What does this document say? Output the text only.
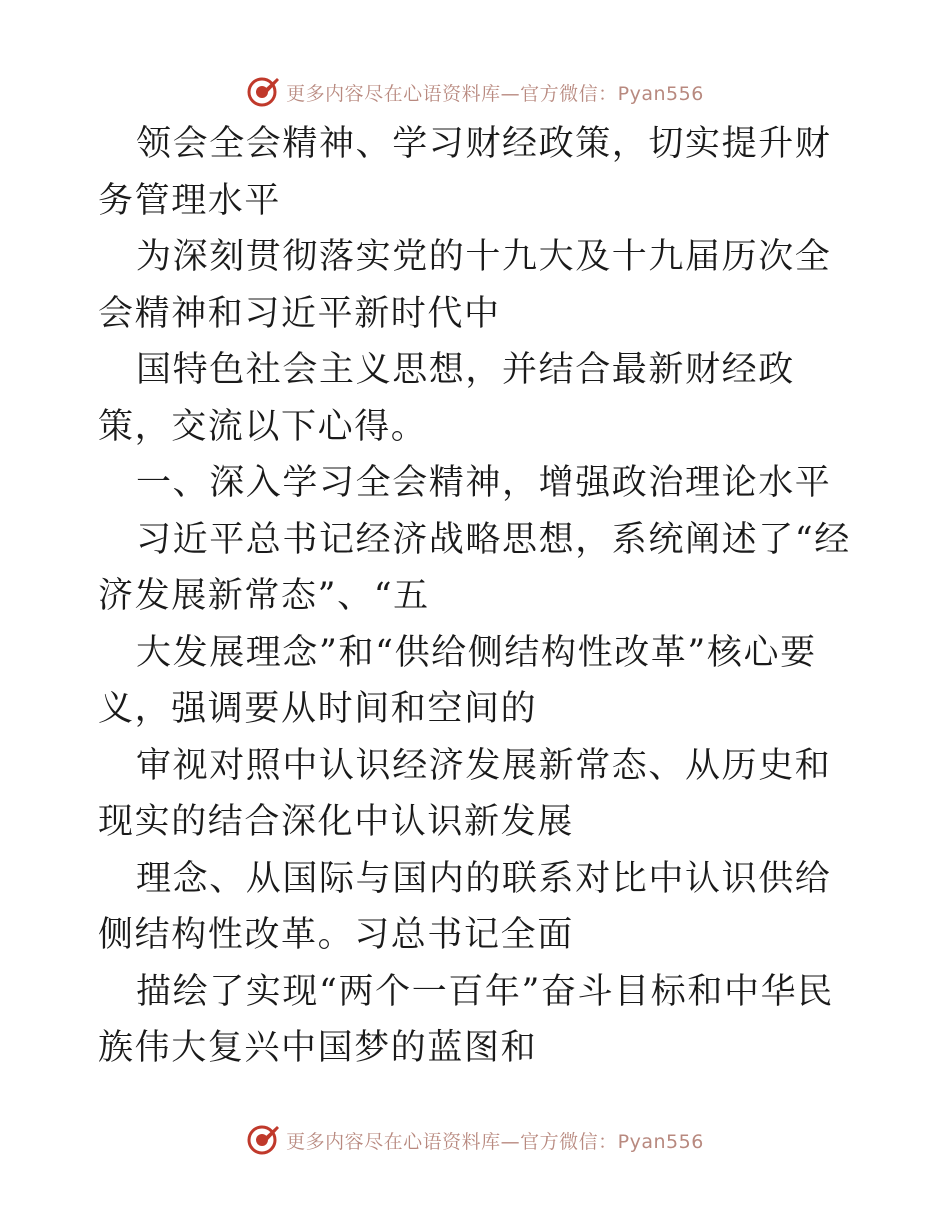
更多内容尽在心语资料库—官方微信：Pyan556

领会全会精神、学习财经政策，切实提升财务管理水平

为深刻贯彻落实党的十九大及十九届历次全会精神和习近平新时代中

国特色社会主义思想，并结合最新财经政策，交流以下心得。

一、深入学习全会精神，增强政治理论水平

习近平总书记经济战略思想，系统阐述了“经济发展新常态”、“五

大发展理念”和“供给侧结构性改革”核心要义，强调要从时间和空间的

审视对照中认识经济发展新常态、从历史和现实的结合深化中认识新发展

理念、从国际与国内的联系对比中认识供给侧结构性改革。习总书记全面

描绘了实现“两个一百年”奋斗目标和中华民族伟大复兴中国梦的蓝图和

更多内容尽在心语资料库—官方微信：Pyan556
